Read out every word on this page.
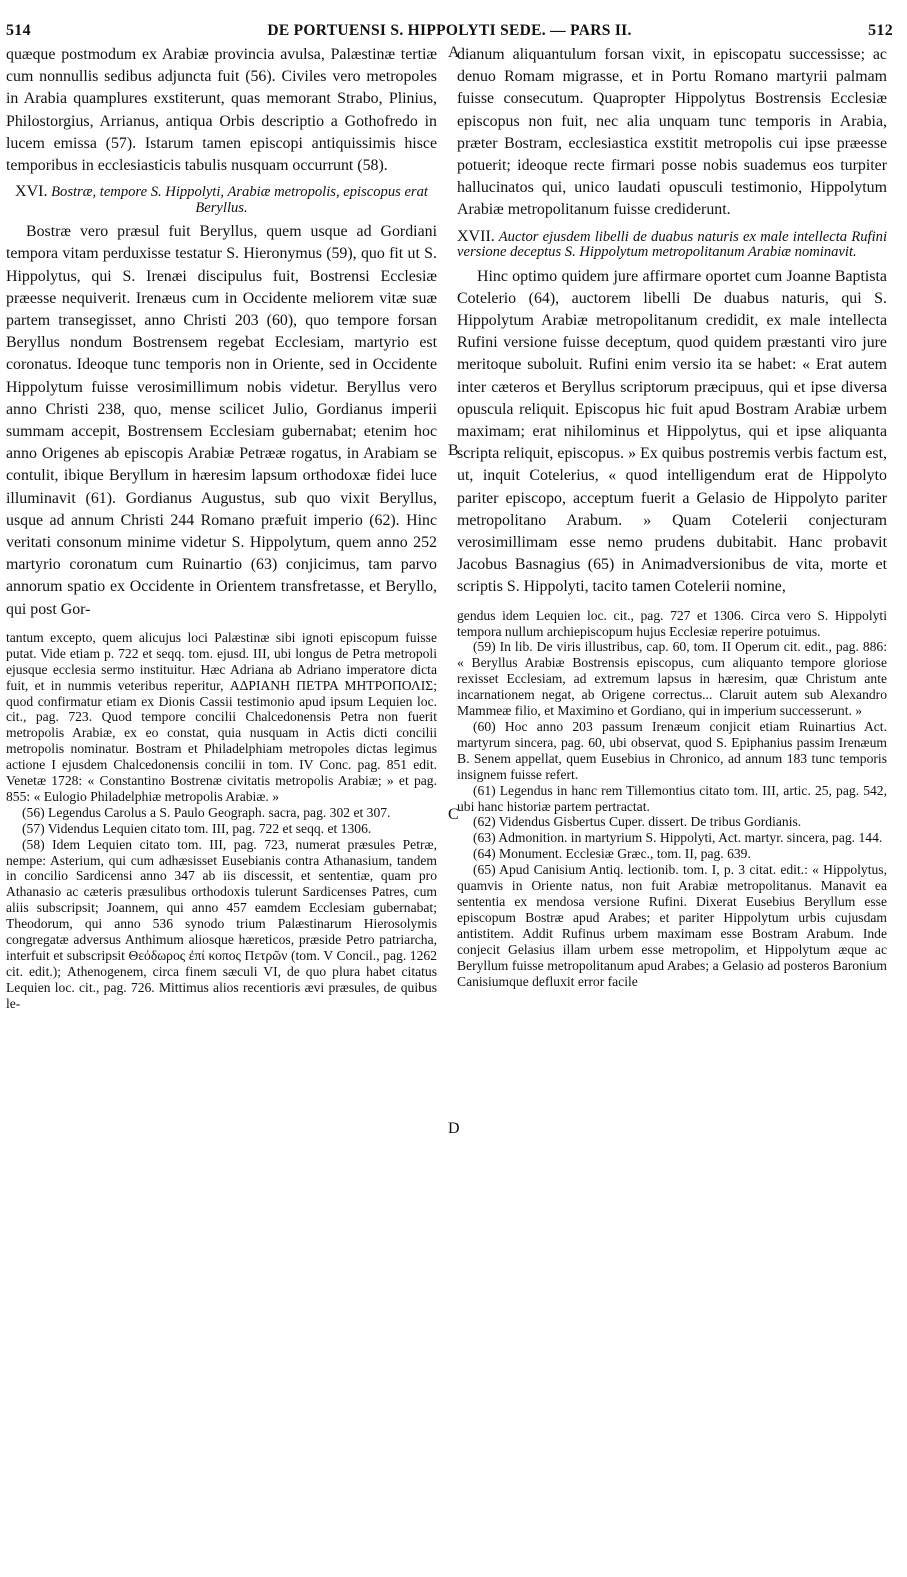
514	DE PORTUENSI S. HIPPOLYTI SEDE. — PARS II.	512

quæque postmodum ex Arabiæ provincia avulsa, Palæstinæ tertiæ cum nonnullis sedibus adjuncta fuit (56). Civiles vero metropoles in Arabia quamplures exstiterunt, quas memorant Strabo, Plinius, Philostorgius, Arrianus, antiqua Orbis descriptio a Gothofredo in lucem emissa (57). Istarum tamen episcopi antiquissimis hisce temporibus in ecclesiasticis tabulis nusquam occurrunt (58).

XVI. Bostræ, tempore S. Hippolyti, Arabiæ metropolis, episcopus erat Beryllus.

Bostræ vero præsul fuit Beryllus, quem usque ad Gordiani tempora vitam perduxisse testatur S. Hieronymus (59), quo fit ut S. Hippolytus, qui S. Irenæi discipulus fuit, Bostrensi Ecclesiæ præesse nequiverit. Irenæus cum in Occidente meliorem vitæ suæ partem transegisset, anno Christi 203 (60), quo tempore forsan Beryllus nondum Bostrensem regebat Ecclesiam, martyrio est coronatus. Ideoque tunc temporis non in Oriente, sed in Occidente Hippolytum fuisse verosimillimum nobis videtur. Beryllus vero anno Christi 238, quo, mense scilicet Julio, Gordianus imperii summam accepit, Bostrensem Ecclesiam gubernabat; etenim hoc anno Origenes ab episcopis Arabiæ Petrææ rogatus, in Arabiam se contulit, ibique Beryllum in hæresim lapsum orthodoxæ fidei luce illuminavit (61). Gordianus Augustus, sub quo vixit Beryllus, usque ad annum Christi 244 Romano præfuit imperio (62). Hinc veritati consonum minime videtur S. Hippolytum, quem anno 252 martyrio coronatum cum Ruinartio (63) conjicimus, tam parvo annorum spatio ex Occidente in Orientem transfretasse, et Beryllo, qui post Gor-

tantum excepto, quem alicujus loci Palæstinæ sibi ignoti episcopum fuisse putat. Vide etiam p. 722 et seqq. tom. ejusd. III, ubi longus de Petra metropoli ejusque ecclesia sermo instituitur. Hæc Adriana ab Adriano imperatore dicta fuit, et in nummis veteribus reperitur, ΑΔΡΙΑΝΗ ΠΕΤΡΑ ΜΗΤΡΟΠΟΛΙΣ; quod confirmatur etiam ex Dionis Cassii testimonio apud ipsum Lequien loc. cit., pag. 723. Quod tempore concilii Chalcedonensis Petra non fuerit metropolis Arabiæ, ex eo constat, quia nusquam in Actis dicti concilii metropolis nominatur. Bostram et Philadelphiam metropoles dictas legimus actione I ejusdem Chalcedonensis concilii in tom. IV Conc. pag. 851 edit. Venetæ 1728: « Constantino Bostrenæ civitatis metropolis Arabiæ; » et pag. 855: « Eulogio Philadelphiæ metropolis Arabiæ. »

(56) Legendus Carolus a S. Paulo Geograph. sacra, pag. 302 et 307.

(57) Videndus Lequien citato tom. III, pag. 722 et seqq. et 1306.

(58) Idem Lequien citato tom. III, pag. 723, numerat præsules Petræ, nempe: Asterium, qui cum adhæsisset Eusebianis contra Athanasium, tandem in concilio Sardicensi anno 347 ab iis discessit, et sententiæ, quam pro Athanasio ac cæteris præsulibus orthodoxis tulerunt Sardicenses Patres, cum aliis subscripsit; Joannem, qui anno 457 eamdem Ecclesiam gubernabat; Theodorum, qui anno 536 synodo trium Palæstinarum Hierosolymis congregatæ adversus Anthimum aliosque hæreticos, præside Petro patriarcha, interfuit et subscripsit Θεόδωρος ἐπί κοπος Πετρῶν (tom. V Concil., pag. 1262 cit. edit.); Athenogenem, circa finem sæculi VI, de quo plura habet citatus Lequien loc. cit., pag. 726. Mittimus alios recentioris ævi præsules, de quibus le-

A
B
C
D

dianum aliquantulum forsan vixit, in episcopatu successisse; ac denuo Romam migrasse, et in Portu Romano martyrii palmam fuisse consecutum. Quapropter Hippolytus Bostrensis Ecclesiæ episcopus non fuit, nec alia unquam tunc temporis in Arabia, præter Bostram, ecclesiastica exstitit metropolis cui ipse præesse potuerit; ideoque recte firmari posse nobis suademus eos turpiter hallucinatos qui, unico laudati opusculi testimonio, Hippolytum Arabiæ metropolitanum fuisse crediderunt.

XVII. Auctor ejusdem libelli de duabus naturis ex male intellecta Rufini versione deceptus S. Hippolytum metropolitanum Arabiæ nominavit.

Hinc optimo quidem jure affirmare oportet cum Joanne Baptista Cotelerio (64), auctorem libelli De duabus naturis, qui S. Hippolytum Arabiæ metropolitanum credidit, ex male intellecta Rufini versione fuisse deceptum, quod quidem præstanti viro jure meritoque suboluit. Rufini enim versio ita se habet: « Erat autem inter cæteros et Beryllus scriptorum præcipuus, qui et ipse diversa opuscula reliquit. Episcopus hic fuit apud Bostram Arabiæ urbem maximam; erat nihilominus et Hippolytus, qui et ipse aliquanta scripta reliquit, episcopus. » Ex quibus postremis verbis factum est, ut, inquit Cotelerius, « quod intelligendum erat de Hippolyto pariter episcopo, acceptum fuerit a Gelasio de Hippolyto pariter metropolitano Arabum. » Quam Cotelerii conjecturam verosimillimam esse nemo prudens dubitabit. Hanc probavit Jacobus Basnagius (65) in Animadversionibus de vita, morte et scriptis S. Hippolyti, tacito tamen Cotelerii nomine,

gendus idem Lequien loc. cit., pag. 727 et 1306. Circa vero S. Hippolyti tempora nullum archiepiscopum hujus Ecclesiæ reperire potuimus.

(59) In lib. De viris illustribus, cap. 60, tom. II Operum cit. edit., pag. 886: « Beryllus Arabiæ Bostrensis episcopus, cum aliquanto tempore gloriose rexisset Ecclesiam, ad extremum lapsus in hæresim, quæ Christum ante incarnationem negat, ab Origene correctus... Claruit autem sub Alexandro Mammeæ filio, et Maximino et Gordiano, qui in imperium successerunt. »

(60) Hoc anno 203 passum Irenæum conjicit etiam Ruinartius Act. martyrum sincera, pag. 60, ubi observat, quod S. Epiphanius passim Irenæum B. Senem appellat, quem Eusebius in Chronico, ad annum 183 tunc temporis insignem fuisse refert.

(61) Legendus in hanc rem Tillemontius citato tom. III, artic. 25, pag. 542, ubi hanc historiæ partem pertractat.

(62) Videndus Gisbertus Cuper. dissert. De tribus Gordianis.

(63) Admonition. in martyrium S. Hippolyti, Act. martyr. sincera, pag. 144.

(64) Monument. Ecclesiæ Græc., tom. II, pag. 639.

(65) Apud Canisium Antiq. lectionib. tom. I, p. 3 citat. edit.: « Hippolytus, quamvis in Oriente natus, non fuit Arabiæ metropolitanus. Manavit ea sententia ex mendosa versione Rufini. Dixerat Eusebius Beryllum esse episcopum Bostræ apud Arabes; et pariter Hippolytum urbis cujusdam antistitem. Addit Rufinus urbem maximam esse Bostram Arabum. Inde conjecit Gelasius illam urbem esse metropolim, et Hippolytum æque ac Beryllum fuisse metropolitanum apud Arabes; a Gelasio ad posteros Baronium Canisiumque defluxit error facile
